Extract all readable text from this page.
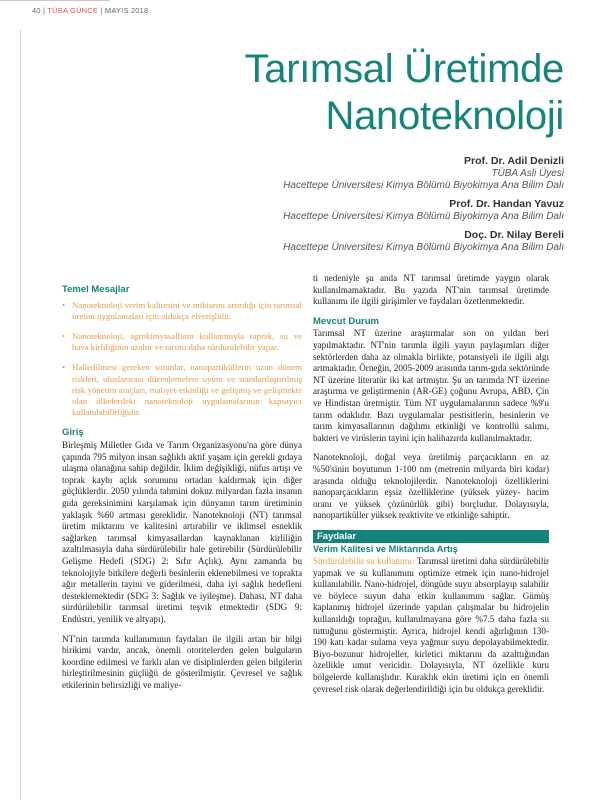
40 | TÜBA GÜNCE | MAYIS 2018
Tarımsal Üretimde
Nanoteknoloji
Prof. Dr. Adil Denizli
TÜBA Asli Üyesi
Hacettepe Üniversitesi Kimya Bölümü Biyokimya Ana Bilim Dalı
Prof. Dr. Handan Yavuz
Hacettepe Üniversitesi Kimya Bölümü Biyokimya Ana Bilim Dalı
Doç. Dr. Nilay Bereli
Hacettepe Üniversitesi Kimya Bölümü Biyokimya Ana Bilim Dalı
Temel Mesajlar
• Nanoteknoloji verim kalitesini ve miktarını artırdığı için tarımsal üretim uygulamaları için oldukça elverişlidir.
• Nanoteknoloji, agrokimyasalların kullanımıyla toprak, su ve hava kirliliğinin azaltır ve tarımı daha sürdürülebilir yapar.
• Halledilmesi gereken sorunlar, nanopartiküllerin uzun dönem riskleri, uluslararası düzenlemelere uyum ve standartlaştırılmış risk yönetim araçları, maliyet-etkinliği ve gelişmiş ve gelişmekte olan ülkelerdeki nanoteknoloji uygulamalarının kapsayıcı kullanılabilirliğidir.
Giriş

Birleşmiş Milletler Gıda ve Tarım Organizasyonu'na göre dünya çapında 795 milyon insan sağlıklı aktif yaşam için gerekli gıdaya ulaşma olanağına sahip değildir. İklim değişikliği, nüfus artışı ve toprak kaybı açlık sorununu ortadan kaldırmak için diğer güçlüklerdir. 2050 yılında tahmini dokuz milyardan fazla insanın gıda gereksinimini karşılamak için dünyanın tarım üretiminin yaklaşık %60 artması gereklidir. Nanoteknoloji (NT) tarımsal üretim miktarını ve kalitesini artırabilir ve iklimsel esneklik sağlarken tarımsal kimyasallardan kaynaklanan kirliliğin azaltılmasıyla daha sürdürülebilir hale getirebilir (Sürdürülebilir Gelişme Hedefi (SDG) 2: Sıfır Açlık). Aynı zamanda bu teknolojiyle bitkilere değerli besinlerin eklenebilmesi ve toprakta ağır metallerin tayini ve giderilmesi, daha iyi sağlık hedefleni desteklemektedir (SDG 3: Sağlık ve iyileşme). Dahası, NT daha sürdürülebilir tarımsal üretimi teşvik etmektedir (SDG 9: Endüstri, yenilik ve altyapı).

NT'nin tarımda kullanımının faydaları ile ilgili artan bir bilgi birikimi vardır, ancak, önemli otoritelerden gelen bulguların koordine edilmesi ve farklı alan ve disiplinlerden gelen bilgilerin birleştirilmesinin güçlüğü de gösterilmiştir. Çevresel ve sağlık etkilerinin belirsizliği ve maliye-

ti nedeniyle şu anda NT tarımsal üretimde yaygın olarak kullanılmamaktadır. Bu yazıda NT'nin tarımsal üretimde kullanımı ile ilgili girişimler ve faydaları özetlenmektedir.

Mevcut Durum

Tarımsal NT üzerine araştırmalar son on yıldan beri yapılmaktadır. NT'nin tarımla ilgili yayın paylaşımları diğer sektörlerden daha az olmakla birlikte, potansiyeli ile ilgili algı artmaktadır. Örneğin, 2005-2009 arasında tarım-gıda sektöründe NT üzerine literatür iki kat artmıştır. Şu an tarımda NT üzerine araştırma ve geliştirmenin (AR-GE) çoğunu Avrupa, ABD, Çin ve Hindistan üretmiştir. Tüm NT uygulamalarının sadece %9'u tarım odaklıdır. Bazı uygulamalar pestisitlerin, besinlerin ve tarım kimyasallarının dağılımı etkinliği ve kontrollü salımı, bakteri ve virüslerin tayini için halihazırda kullanılmaktadır.

Nanoteknoloji, doğal veya üretilmiş parçacıkların en az %50'sinin boyutunun 1-100 nm (metrenin milyarda biri kadar) arasında olduğu teknolojilerdir. Nanoteknoloji özelliklerini nanoparçacıkların eşsiz özelliklerine (yüksek yüzey- hacim oranı ve yüksek çözünürlük gibi) borçludur. Dolayısıyla, nanopartiküller yüksek reaktivite ve etkinliğe sahiptir.

Faydalar
Verim Kalitesi ve Miktarında Artış

Sürdürülebilir su kullanımı: Tarımsal üretimi daha sürdürülebilir yapmak ve su kullanımını optimize etmek için nano-hidrojel kullanılabilir. Nano-hidrojel, döngüde suyu absorplayıp salabilir ve böylece suyun daha etkin kullanımını sağlar. Gümüş kaplanmış hidrojel üzerinde yapılan çalışmalar bu hidrojelin kullanıldığı toprağın, kullanılmayana göre %7.5 daha fazla su tuttuğunu göstermiştir. Ayrıca, hidrojel kendi ağırlığının 130-190 katı kadar sulama veya yağmur suyu depolayabilmektedir. Biyo-bozunur hidrojeller, kirletici miktarını da azalttığından özellikle umut vericidir. Dolayısıyla, NT özellikle kuru bölgelerde kullanışlıdır. Kuraklık ekin üretimi için en önemli çevresel risk olarak değerlendirildiği için bu oldukça gereklidir.
